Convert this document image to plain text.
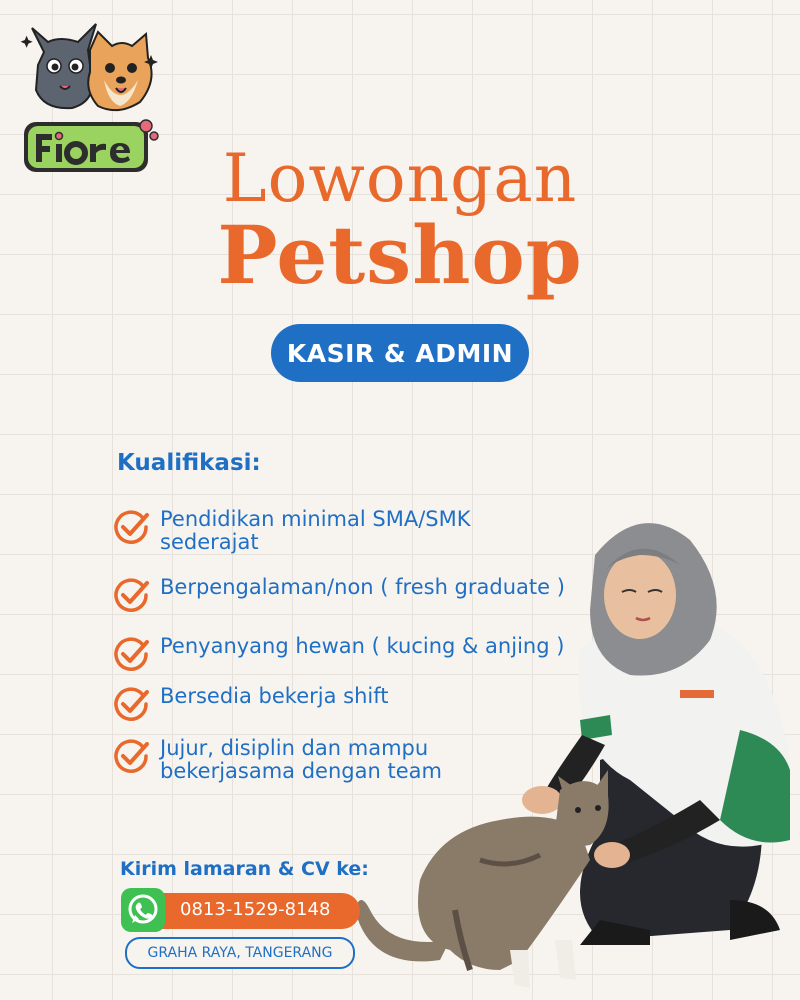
Lowongan
Petshop
KASIR & ADMIN
Kualifikasi:
Pendidikan minimal SMA/SMK
sederajat
Berpengalaman/non ( fresh graduate )
Penyanyang hewan ( kucing & anjing )
Bersedia bekerja shift
Jujur, disiplin dan mampu
bekerjasama dengan team
Kirim lamaran & CV ke:
0813-1529-8148
GRAHA RAYA, TANGERANG
